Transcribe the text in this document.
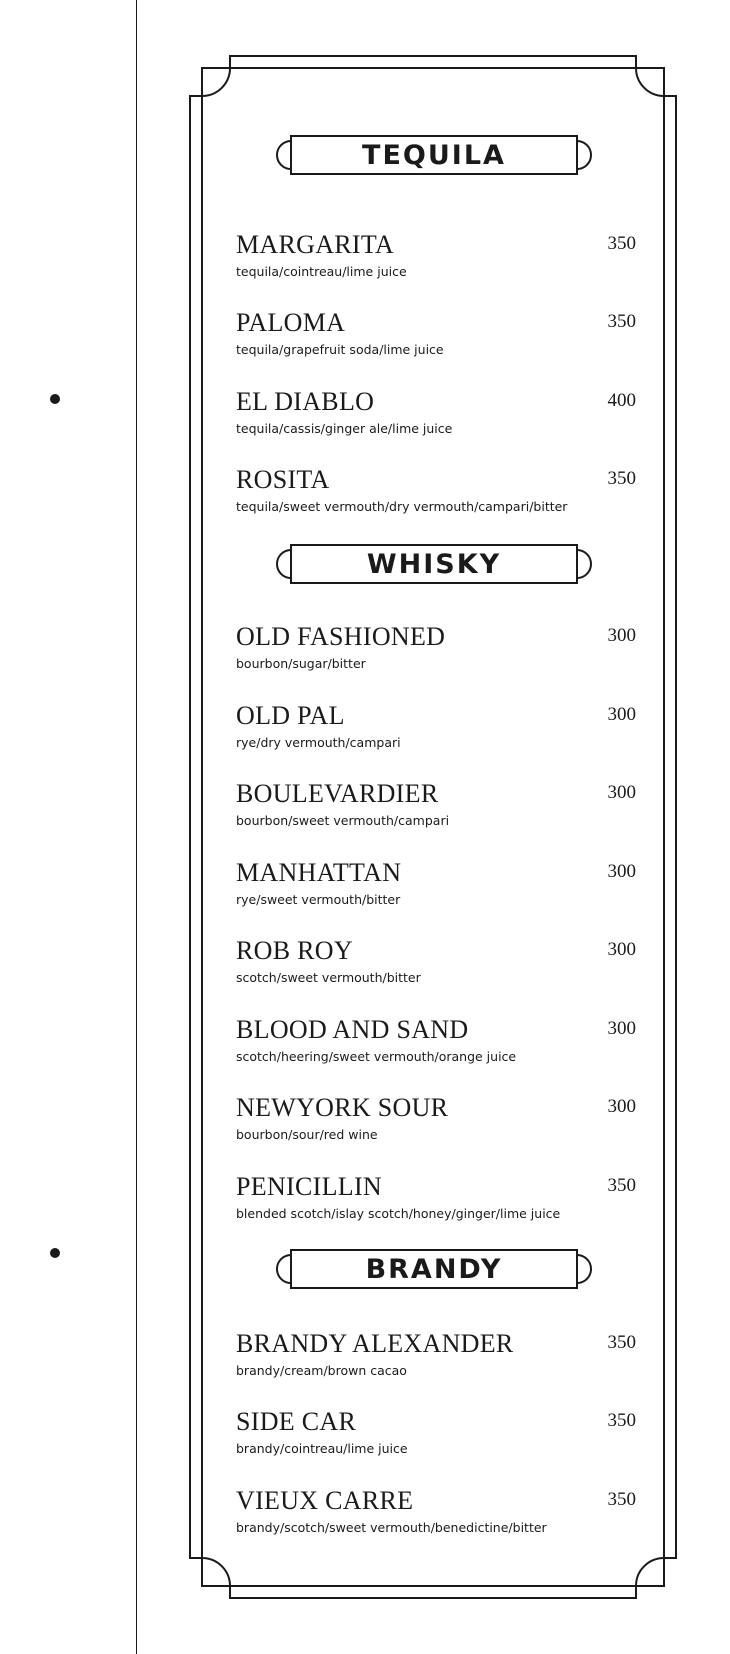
TEQUILA
WHISKY
BRANDY
MARGARITA	350
tequila/cointreau/lime juice
PALOMA	350
tequila/grapefruit soda/lime juice
EL DIABLO	400
tequila/cassis/ginger ale/lime juice
ROSITA	350
tequila/sweet vermouth/dry vermouth/campari/bitter
OLD FASHIONED	300
bourbon/sugar/bitter
OLD PAL	300
rye/dry vermouth/campari
BOULEVARDIER	300
bourbon/sweet vermouth/campari
MANHATTAN	300
rye/sweet vermouth/bitter
ROB ROY	300
scotch/sweet vermouth/bitter
BLOOD AND SAND	300
scotch/heering/sweet vermouth/orange juice
NEWYORK SOUR	300
bourbon/sour/red wine
PENICILLIN	350
blended scotch/islay scotch/honey/ginger/lime juice
BRANDY ALEXANDER	350
brandy/cream/brown cacao
SIDE CAR	350
brandy/cointreau/lime juice
VIEUX CARRE	350
brandy/scotch/sweet vermouth/benedictine/bitter
